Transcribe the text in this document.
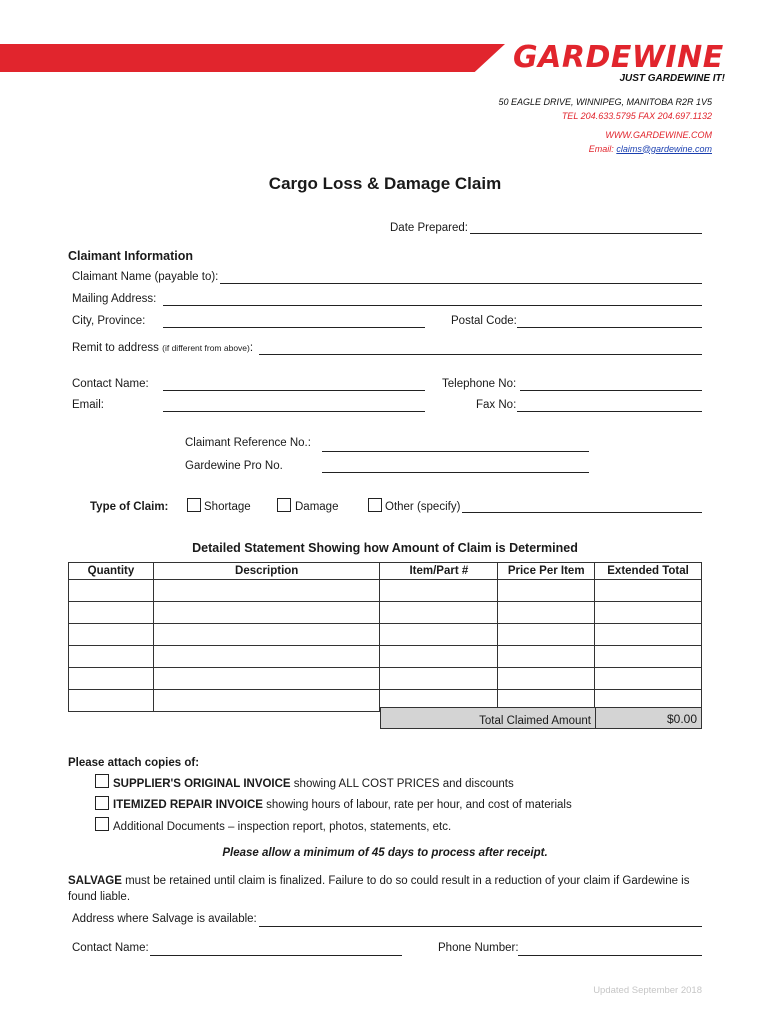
GARDEWINE
JUST GARDEWINE IT!
50 EAGLE DRIVE, WINNIPEG, MANITOBA R2R 1V5
TEL 204.633.5795 FAX 204.697.1132
WWW.GARDEWINE.COM
Email: claims@gardewine.com
Cargo Loss & Damage Claim
Date Prepared:
Claimant Information
Claimant Name (payable to):
Mailing Address:
City, Province:	Postal Code:
Remit to address (if different from above):
Contact Name:	Telephone No:
Email:	Fax No:
Claimant Reference No.:
Gardewine Pro No.
Type of Claim:	Shortage	Damage	Other (specify)
Detailed Statement Showing how Amount of Claim is Determined
Quantity	Description	Item/Part #	Price Per Item	Extended Total

Total Claimed Amount	$0.00
Please attach copies of:
SUPPLIER'S ORIGINAL INVOICE showing ALL COST PRICES and discounts
ITEMIZED REPAIR INVOICE showing hours of labour, rate per hour, and cost of materials
Additional Documents – inspection report, photos, statements, etc.
Please allow a minimum of 45 days to process after receipt.
SALVAGE must be retained until claim is finalized. Failure to do so could result in a reduction of your claim if Gardewine is found liable.
Address where Salvage is available:
Contact Name:	Phone Number:
Updated September 2018
